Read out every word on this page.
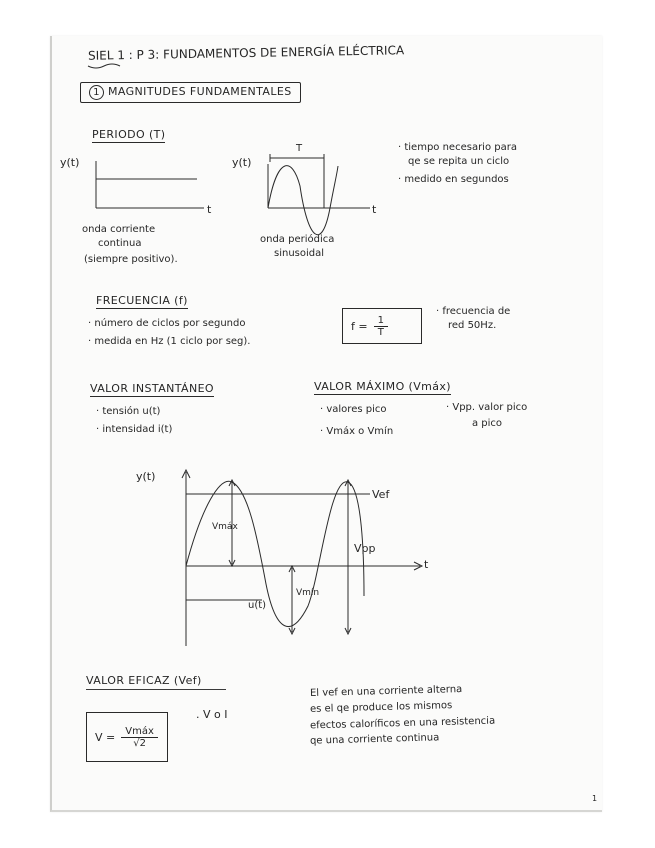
SIEL 1 : P 3: FUNDAMENTOS DE ENERGÍA ELÉCTRICA
1 MAGNITUDES FUNDAMENTALES
PERIODO (T)
y(t)
t
y(t)
T
t
onda corriente
continua
(siempre positivo).
onda periódica
sinusoidal
· tiempo necesario para
qe se repita un ciclo
· medido en segundos
FRECUENCIA (f)
· número de ciclos por segundo
· medida en Hz (1 ciclo por seg).
$f = \frac{1}{T}$
· frecuencia de
red 50Hz.
VALOR INSTANTÁNEO
· tensión u(t)
· intensidad i(t)
VALOR MÁXIMO (Vmáx)
· valores pico
· Vmáx o Vmín
· Vpp. valor pico
a pico
y(t)
Vef
Vmáx
Vpp
t
Vmín
u(t)
VALOR EFICAZ (Vef)
$V = \frac{\text{Vmáx}}{√2}$
. V o I
El vef en una corriente alterna
es el qe produce los mismos
efectos caloríficos en una resistencia
qe una corriente continua
1
